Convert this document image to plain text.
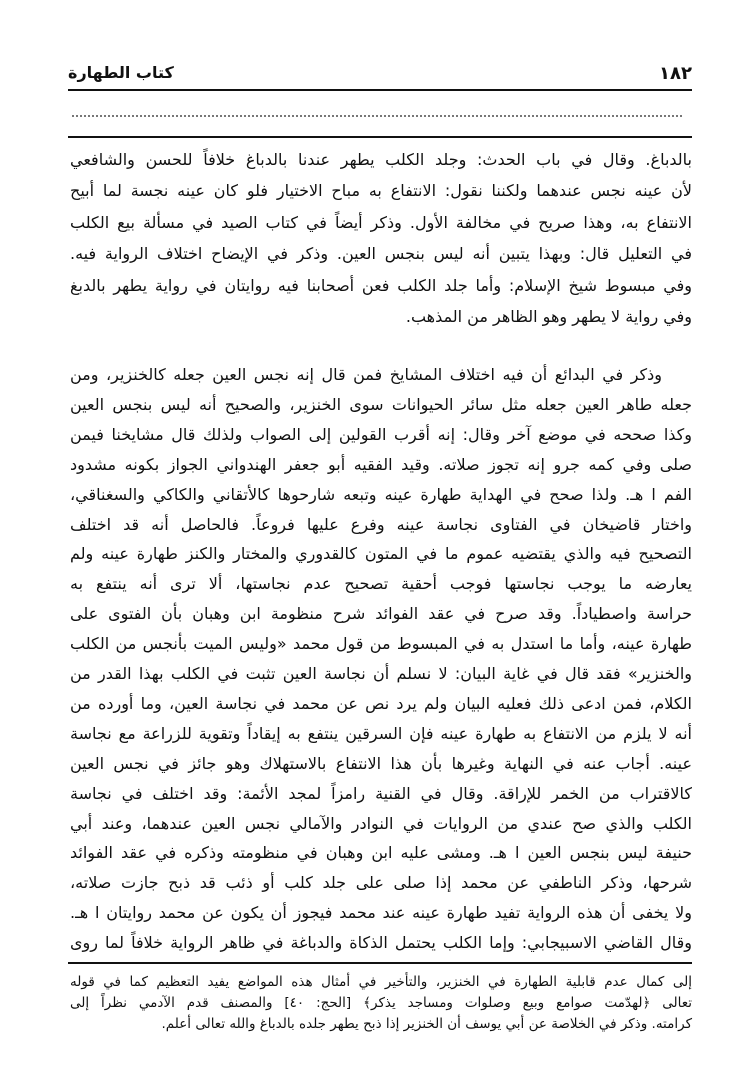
١٨٢
كتاب الطهارة
بالدباغ. وقال في باب الحدث: وجلد الكلب يطهر عندنا بالدباغ خلافاً للحسن والشافعي
لأن عينه نجس عندهما ولكننا نقول: الانتفاع به مباح الاختيار فلو كان عينه نجسة لما أبيح
الانتفاع به، وهذا صريح في مخالفة الأول. وذكر أيضاً في كتاب الصيد في مسألة بيع الكلب
في التعليل قال: وبهذا يتبين أنه ليس بنجس العين. وذكر في الإيضاح اختلاف الرواية فيه.
وفي مبسوط شيخ الإسلام: وأما جلد الكلب فعن أصحابنا فيه روايتان في رواية يطهر بالدبغ
وفي رواية لا يطهر وهو الظاهر من المذهب.
وذكر في البدائع أن فيه اختلاف المشايخ فمن قال إنه نجس العين جعله كالخنزير، ومن
جعله طاهر العين جعله مثل سائر الحيوانات سوى الخنزير، والصحيح أنه ليس بنجس العين
وكذا صححه في موضع آخر وقال: إنه أقرب القولين إلى الصواب ولذلك قال مشايخنا فيمن
صلى وفي كمه جرو إنه تجوز صلاته. وقيد الفقيه أبو جعفر الهندواني الجواز بكونه مشدود
الفم ا هـ. ولذا صحح في الهداية طهارة عينه وتبعه شارحوها كالأتقاني والكاكي والسغناقي،
واختار قاضيخان في الفتاوى نجاسة عينه وفرع عليها فروعاً. فالحاصل أنه قد اختلف
التصحيح فيه والذي يقتضيه عموم ما في المتون كالقدوري والمختار والكنز طهارة عينه ولم
يعارضه ما يوجب نجاستها فوجب أحقية تصحيح عدم نجاستها، ألا ترى أنه ينتفع به
حراسة واصطياداً. وقد صرح في عقد الفوائد شرح منظومة ابن وهبان بأن الفتوى على
طهارة عينه، وأما ما استدل به في المبسوط من قول محمد «وليس الميت بأنجس من الكلب
والخنزير» فقد قال في غاية البيان: لا نسلم أن نجاسة العين تثبت في الكلب بهذا القدر من
الكلام، فمن ادعى ذلك فعليه البيان ولم يرد نص عن محمد في نجاسة العين، وما أورده من
أنه لا يلزم من الانتفاع به طهارة عينه فإن السرقين ينتفع به إيقاداً وتقوية للزراعة مع نجاسة
عينه. أجاب عنه في النهاية وغيرها بأن هذا الانتفاع بالاستهلاك وهو جائز في نجس العين
كالاقتراب من الخمر للإراقة. وقال في القنية رامزاً لمجد الأئمة: وقد اختلف في نجاسة
الكلب والذي صح عندي من الروايات في النوادر والآمالي نجس العين عندهما، وعند أبي
حنيفة ليس بنجس العين ا هـ. ومشى عليه ابن وهبان في منظومته وذكره في عقد الفوائد
شرحها، وذكر الناطفي عن محمد إذا صلى على جلد كلب أو ذئب قد ذبح جازت صلاته،
ولا يخفى أن هذه الرواية تفيد طهارة عينه عند محمد فيجوز أن يكون عن محمد روايتان ا هـ.
وقال القاضي الاسبيجابي: وإما الكلب يحتمل الذكاة والدباغة في ظاهر الرواية خلافاً لما روى
إلى كمال عدم قابلية الطهارة في الخنزير، والتأخير في أمثال هذه المواضع يفيد التعظيم كما في قوله
تعالى ﴿لهدّمت صوامع وبيع وصلوات ومساجد يذكر﴾ [الحج: ٤٠] والمصنف قدم الآدمي نظراً إلى
كرامته. وذكر في الخلاصة عن أبي يوسف أن الخنزير إذا ذبح يطهر جلده بالدباغ والله تعالى أعلم.
